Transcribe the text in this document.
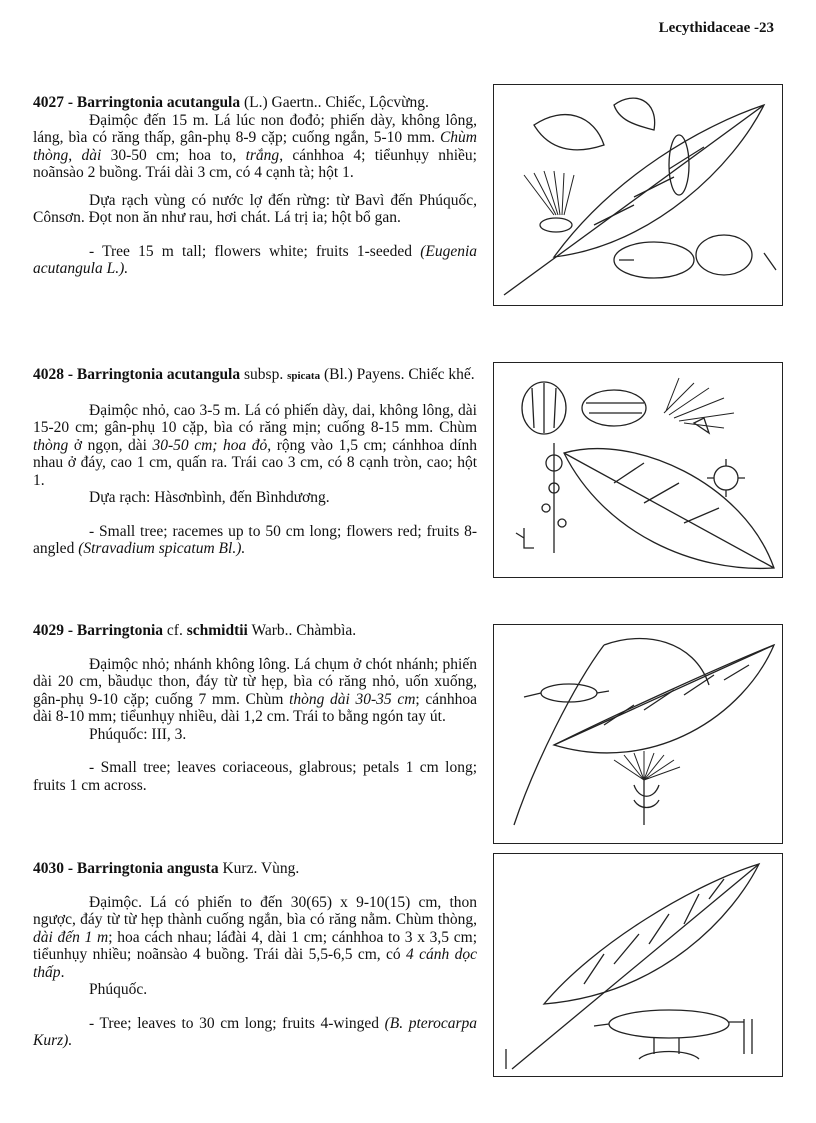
Lecythidaceae -23

4027 - Barringtonia acutangula (L.) Gaertn.. Chiếc, Lộcvừng.

Đạimộc đến 15 m. Lá lúc non đođỏ; phiến dày, không lông, láng, bìa có răng thấp, gân-phụ 8-9 cặp; cuống ngắn, 5-10 mm. Chùm thòng, dài 30-50 cm; hoa to, trắng, cánhhoa 4; tiểunhụy nhiều; noãnsào 2 buồng. Trái dài 3 cm, có 4 cạnh tà; hột 1.

Dựa rạch vùng có nước lợ đến rừng: từ Bavì đến Phúquốc, Cônsơn. Đọt non ăn như rau, hơi chát. Lá trị ia; hột bổ gan.

- Tree 15 m tall; flowers white; fruits 1-seeded (Eugenia acutangula L.).

4028 - Barringtonia acutangula subsp. spicata (Bl.) Payens. Chiếc khế.

Đạimộc nhỏ, cao 3-5 m. Lá có phiến dày, dai, không lông, dài 15-20 cm; gân-phụ 10 cặp, bìa có răng mịn; cuống 8-15 mm. Chùm thòng ở ngọn, dài 30-50 cm; hoa đỏ, rộng vào 1,5 cm; cánhhoa dính nhau ở đáy, cao 1 cm, quấn ra. Trái cao 3 cm, có 8 cạnh tròn, cao; hột 1.

Dựa rạch: Hàsơnbình, đến Bìnhdương.

- Small tree; racemes up to 50 cm long; flowers red; fruits 8-angled (Stravadium spicatum Bl.).

4029 - Barringtonia cf. schmidtii Warb.. Chàmbìa.

Đạimộc nhỏ; nhánh không lông. Lá chụm ở chót nhánh; phiến dài 20 cm, bầudục thon, đáy từ từ hẹp, bìa có răng nhỏ, uốn xuống, gân-phụ 9-10 cặp; cuống 7 mm. Chùm thòng dài 30-35 cm; cánhhoa dài 8-10 mm; tiểunhụy nhiều, dài 1,2 cm. Trái to bằng ngón tay út.

Phúquốc: III, 3.

- Small tree; leaves coriaceous, glabrous; petals 1 cm long; fruits 1 cm across.

4030 - Barringtonia angusta Kurz. Vùng.

Đạimộc. Lá có phiến to đến 30(65) x 9-10(15) cm, thon ngược, đáy từ từ hẹp thành cuống ngắn, bìa có răng nằm. Chùm thòng, dài đến 1 m; hoa cách nhau; láđài 4, dài 1 cm; cánhhoa to 3 x 3,5 cm; tiểunhụy nhiều; noãnsào 4 buồng. Trái dài 5,5-6,5 cm, có 4 cánh dọc thấp.

Phúquốc.

- Tree; leaves to 30 cm long; fruits 4-winged (B. pterocarpa Kurz).
